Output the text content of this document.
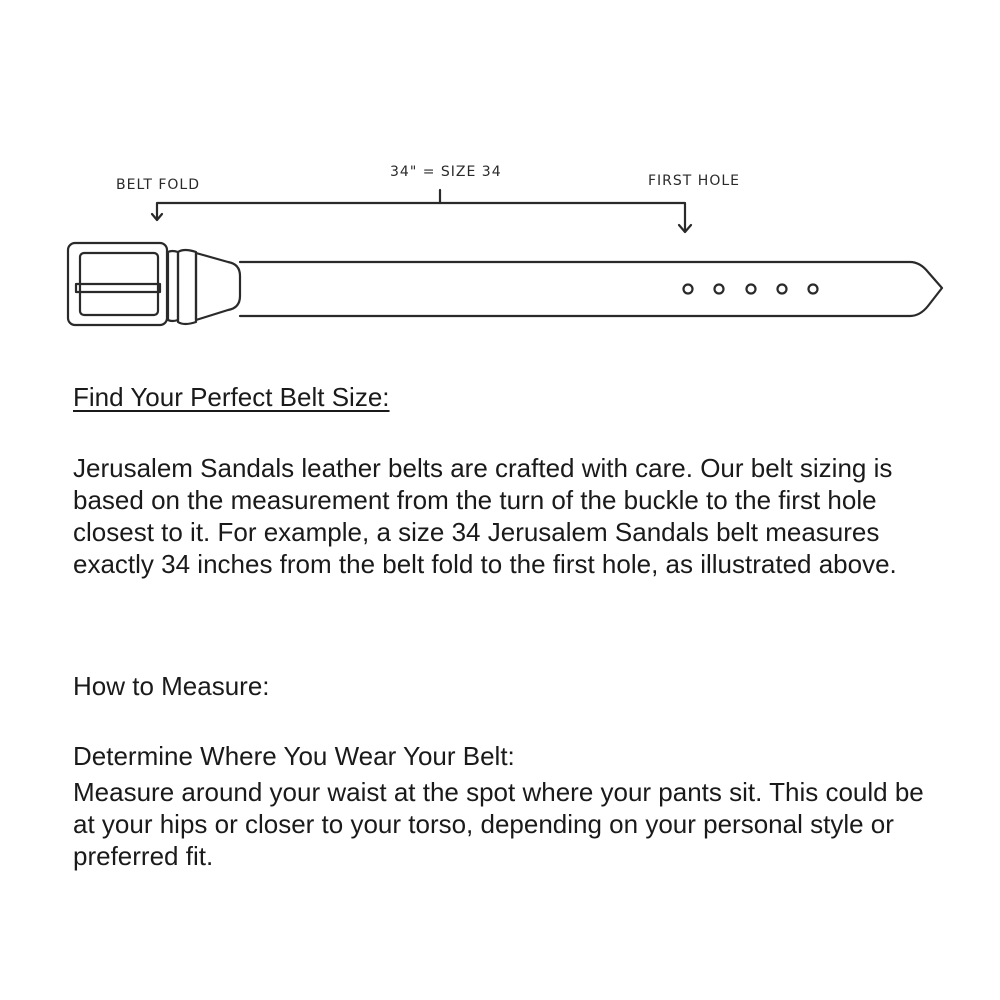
BELT FOLD
34" = SIZE 34
FIRST HOLE

Find Your Perfect Belt Size:

Jerusalem Sandals leather belts are crafted with care. Our belt sizing is based on the measurement from the turn of the buckle to the first hole closest to it. For example, a size 34 Jerusalem Sandals belt measures exactly 34 inches from the belt fold to the first hole, as illustrated above.

How to Measure:

Determine Where You Wear Your Belt:

Measure around your waist at the spot where your pants sit. This could be at your hips or closer to your torso, depending on your personal style or preferred fit.
